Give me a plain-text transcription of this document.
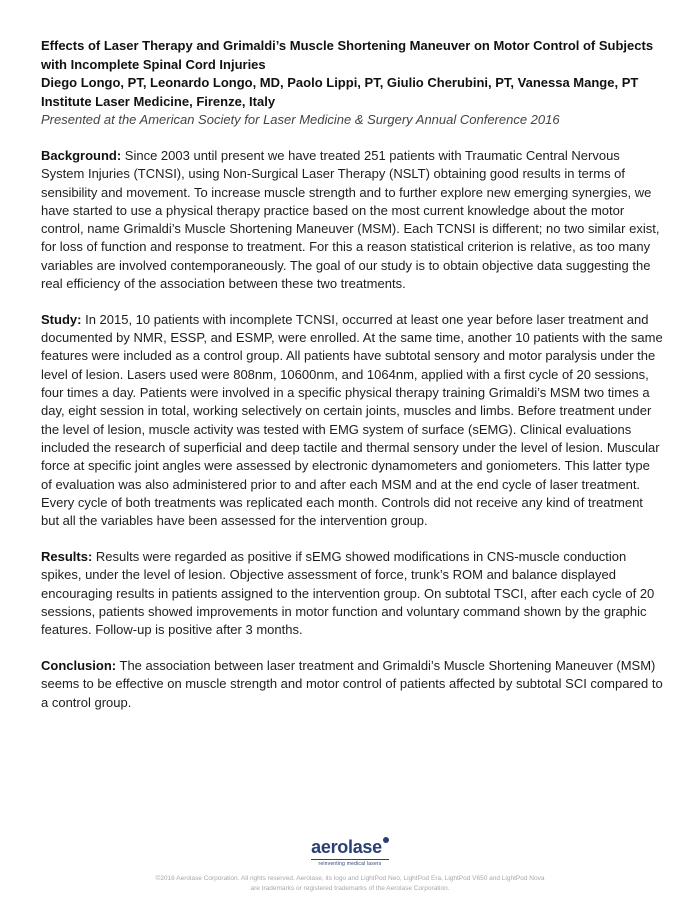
Effects of Laser Therapy and Grimaldi’s Muscle Shortening Maneuver on Motor Control of Subjects with Incomplete Spinal Cord Injuries

Diego Longo, PT, Leonardo Longo, MD, Paolo Lippi, PT, Giulio Cherubini, PT, Vanessa Mange, PT

Institute Laser Medicine, Firenze, Italy

Presented at the American Society for Laser Medicine & Surgery Annual Conference 2016

Background: Since 2003 until present we have treated 251 patients with Traumatic Central Nervous System Injuries (TCNSI), using Non-Surgical Laser Therapy (NSLT) obtaining good results in terms of sensibility and movement. To increase muscle strength and to further explore new emerging synergies, we have started to use a physical therapy practice based on the most current knowledge about the motor control, name Grimaldi’s Muscle Shortening Maneuver (MSM). Each TCNSI is different; no two similar exist, for loss of function and response to treatment. For this a reason statistical criterion is relative, as too many variables are involved contemporaneously. The goal of our study is to obtain objective data suggesting the real efficiency of the association between these two treatments.

Study: In 2015, 10 patients with incomplete TCNSI, occurred at least one year before laser treatment and documented by NMR, ESSP, and ESMP, were enrolled. At the same time, another 10 patients with the same features were included as a control group. All patients have subtotal sensory and motor paralysis under the level of lesion. Lasers used were 808nm, 10600nm, and 1064nm, applied with a first cycle of 20 sessions, four times a day. Patients were involved in a specific physical therapy training Grimaldi’s MSM two times a day, eight session in total, working selectively on certain joints, muscles and limbs. Before treatment under the level of lesion, muscle activity was tested with EMG system of surface (sEMG). Clinical evaluations included the research of superficial and deep tactile and thermal sensory under the level of lesion. Muscular force at specific joint angles were assessed by electronic dynamometers and goniometers. This latter type of evaluation was also administered prior to and after each MSM and at the end cycle of laser treatment. Every cycle of both treatments was replicated each month. Controls did not receive any kind of treatment but all the variables have been assessed for the intervention group.

Results: Results were regarded as positive if sEMG showed modifications in CNS-muscle conduction spikes, under the level of lesion. Objective assessment of force, trunk’s ROM and balance displayed encouraging results in patients assigned to the intervention group. On subtotal TSCI, after each cycle of 20 sessions, patients showed improvements in motor function and voluntary command shown by the graphic features. Follow-up is positive after 3 months.

Conclusion: The association between laser treatment and Grimaldi’s Muscle Shortening Maneuver (MSM) seems to be effective on muscle strength and motor control of patients affected by subtotal SCI compared to a control group.

aerolase
reinventing medical lasers
©2016 Aerolase Corporation. All rights reserved. Aerolase, its logo and LightPod Neo, LightPod Era, LightPod V650 and LightPod Nova
are trademarks or registered trademarks of the Aerolase Corporation.
